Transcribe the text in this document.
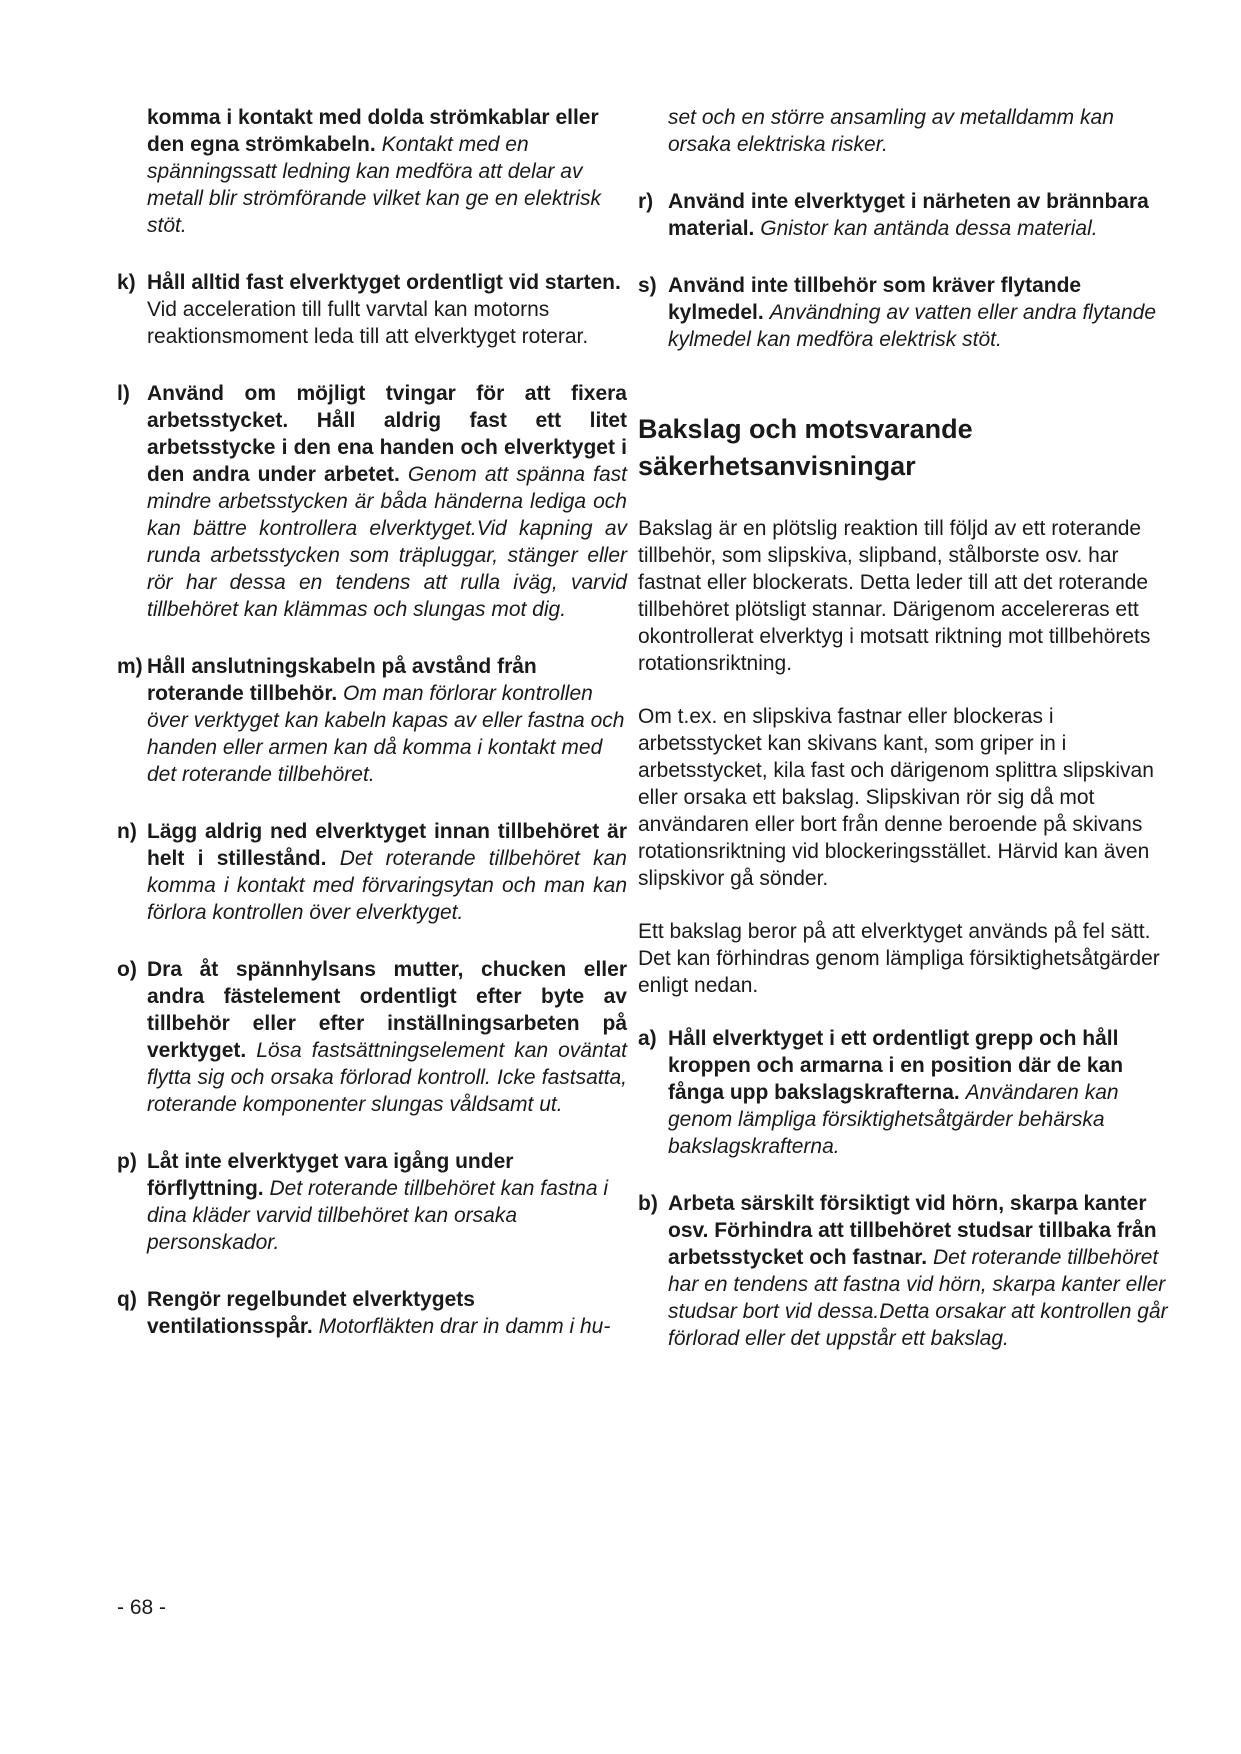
komma i kontakt med dolda strömkablar eller den egna strömkabeln. Kontakt med en spänningssatt ledning kan medföra att delar av metall blir strömförande vilket kan ge en elektrisk stöt.
k) Håll alltid fast elverktyget ordentligt vid starten. Vid acceleration till fullt varvtal kan motorns reaktionsmoment leda till att elverktyget roterar.
l) Använd om möjligt tvingar för att fixera arbetsstycket. Håll aldrig fast ett litet arbetsstycke i den ena handen och elverktyget i den andra under arbetet. Genom att spänna fast mindre arbetsstycken är båda händerna lediga och kan bättre kontrollera elverktyget.Vid kapning av runda arbetsstycken som träpluggar, stänger eller rör har dessa en tendens att rulla iväg, varvid tillbehöret kan klämmas och slungas mot dig.
m) Håll anslutningskabeln på avstånd från roterande tillbehör. Om man förlorar kontrollen över verktyget kan kabeln kapas av eller fastna och handen eller armen kan då komma i kontakt med det roterande tillbehöret.
n) Lägg aldrig ned elverktyget innan tillbehöret är helt i stillestånd. Det roterande tillbehöret kan komma i kontakt med förvaringsytan och man kan förlora kontrollen över elverktyget.
o) Dra åt spännhylsans mutter, chucken eller andra fästelement ordentligt efter byte av tillbehör eller efter inställningsarbeten på verktyget. Lösa fastsättningselement kan oväntat flytta sig och orsaka förlorad kontroll. Icke fastsatta, roterande komponenter slungas våldsamt ut.
p) Låt inte elverktyget vara igång under förflyttning. Det roterande tillbehöret kan fastna i dina kläder varvid tillbehöret kan orsaka personskador.
q) Rengör regelbundet elverktygets ventilationsspår. Motorfläkten drar in damm i hu-
set och en större ansamling av metalldamm kan orsaka elektriska risker.
r) Använd inte elverktyget i närheten av brännbara material. Gnistor kan antända dessa material.
s) Använd inte tillbehör som kräver flytande kylmedel. Användning av vatten eller andra flytande kylmedel kan medföra elektrisk stöt.
Bakslag och motsvarande säkerhetsanvisningar
Bakslag är en plötslig reaktion till följd av ett roterande tillbehör, som slipskiva, slipband, stålborste osv. har fastnat eller blockerats. Detta leder till att det roterande tillbehöret plötsligt stannar. Därigenom accelereras ett okontrollerat elverktyg i motsatt riktning mot tillbehörets rotationsriktning.
Om t.ex. en slipskiva fastnar eller blockeras i arbetsstycket kan skivans kant, som griper in i arbetsstycket, kila fast och därigenom splittra slipskivan eller orsaka ett bakslag. Slipskivan rör sig då mot användaren eller bort från denne beroende på skivans rotationsriktning vid blockeringsstället. Härvid kan även slipskivor gå sönder.
Ett bakslag beror på att elverktyget används på fel sätt. Det kan förhindras genom lämpliga försiktighetsåtgärder enligt nedan.
a) Håll elverktyget i ett ordentligt grepp och håll kroppen och armarna i en position där de kan fånga upp bakslagskrafterna. Användaren kan genom lämpliga försiktighetsåtgärder behärska bakslagskrafterna.
b) Arbeta särskilt försiktigt vid hörn, skarpa kanter osv. Förhindra att tillbehöret studsar tillbaka från arbetsstycket och fastnar. Det roterande tillbehöret har en tendens att fastna vid hörn, skarpa kanter eller studsar bort vid dessa.Detta orsakar att kontrollen går förlorad eller det uppstår ett bakslag.
- 68 -
